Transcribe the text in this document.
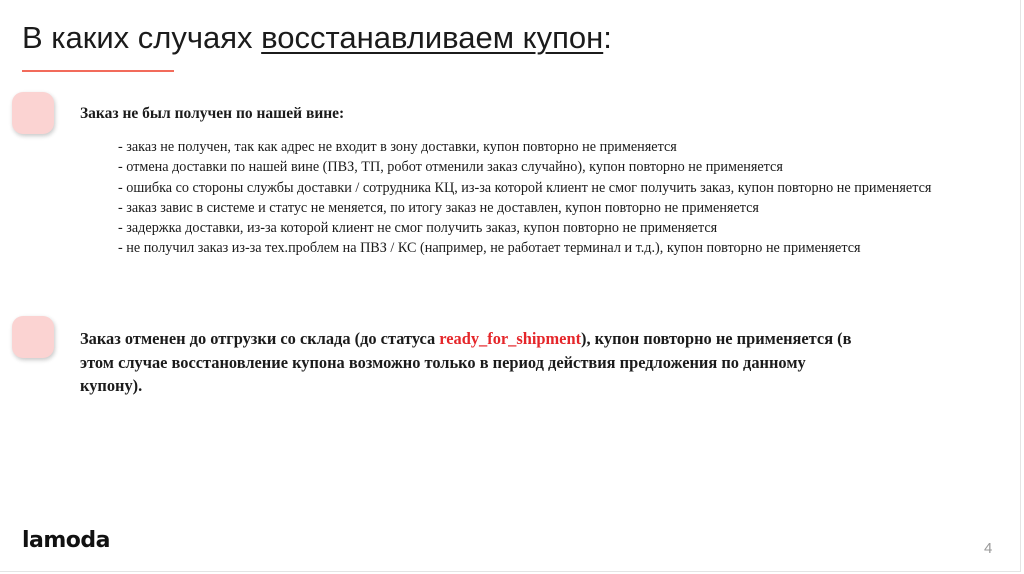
В каких случаях восстанавливаем купон:
Заказ не был получен по нашей вине:
- заказ не получен, так как адрес не входит в зону доставки, купон повторно не применяется
- отмена доставки по нашей вине (ПВЗ, ТП, робот отменили заказ случайно), купон повторно не применяется
- ошибка со стороны службы доставки / сотрудника КЦ, из-за которой клиент не смог получить заказ, купон повторно не применяется
- заказ завис в системе и статус не меняется, по итогу заказ не доставлен, купон повторно не применяется
- задержка доставки, из-за которой клиент не смог получить заказ, купон повторно не применяется
- не получил заказ из-за тех.проблем на ПВЗ / КС (например, не работает терминал и т.д.), купон повторно не применяется
Заказ отменен до отгрузки со склада (до статуса ready_for_shipment), купон повторно не применяется (в этом случае восстановление купона возможно только в период действия предложения по данному купону).
lamoda	4
